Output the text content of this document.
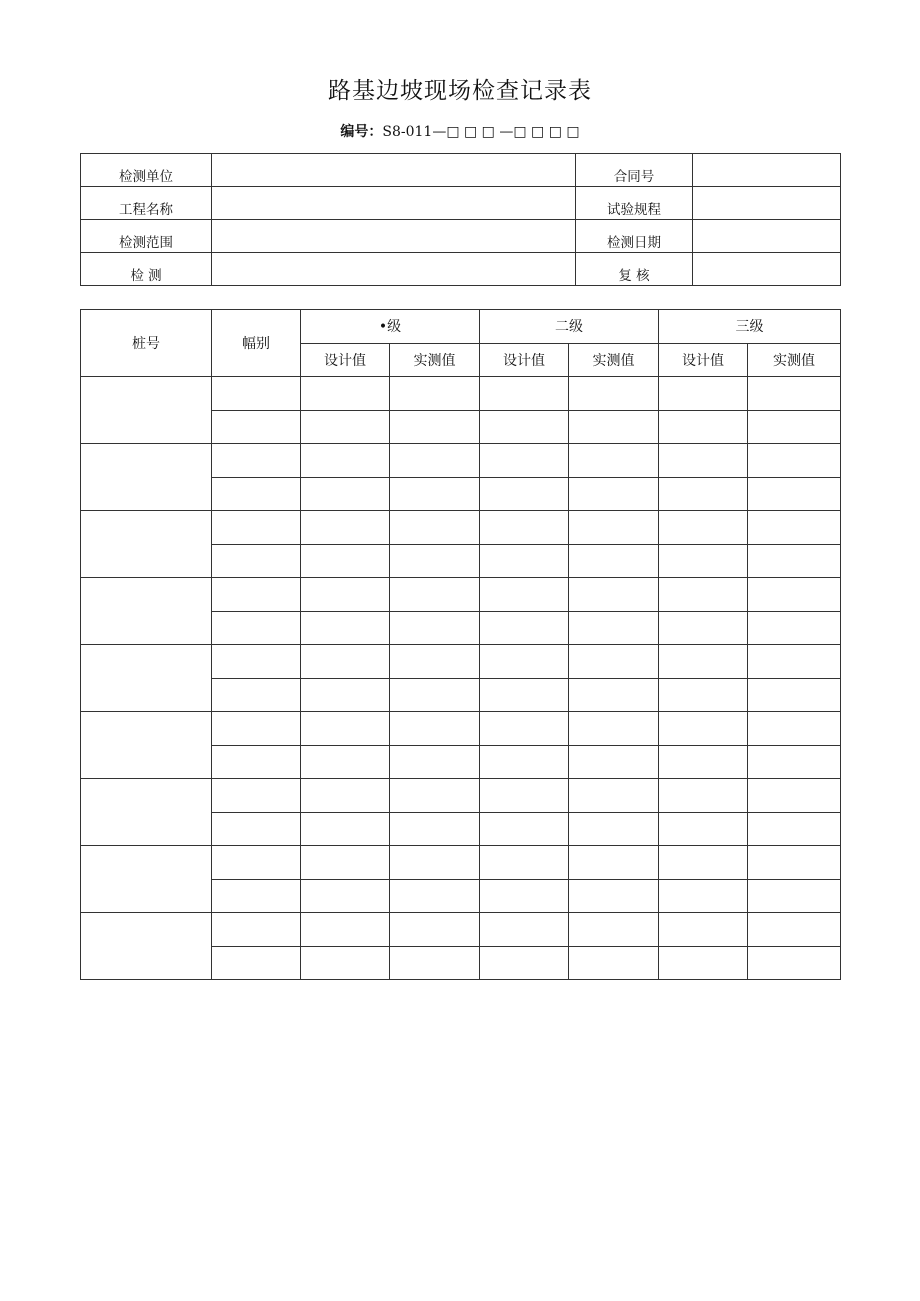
路基边坡现场检查记录表
编号：S8-011—□ □ □ —□ □ □ □
检测单位		合同号	
工程名称		试验规程	
检测范围		检测日期	
检 测		复 核	
桩号	幅别	•级		二级		三级	
		设计值	实测值	设计值	实测值	设计值	实测值
